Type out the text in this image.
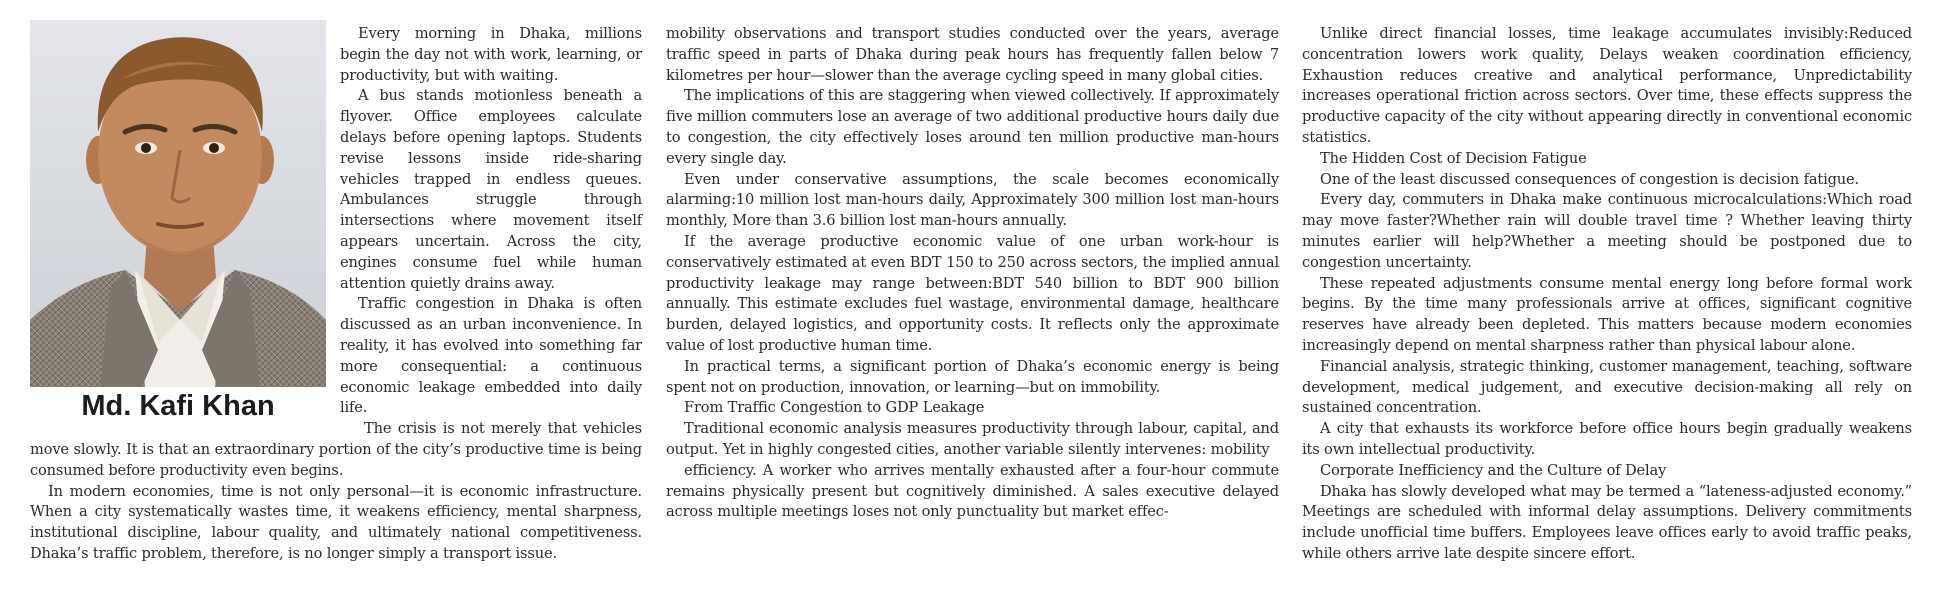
Md. Kafi Khan

Every morning in Dhaka, millions begin the day not with work, learning, or productivity, but with waiting.

A bus stands motionless beneath a flyover. Office employees calculate delays before opening laptops. Students revise lessons inside ride-sharing vehicles trapped in endless queues. Ambulances struggle through intersections where movement itself appears uncertain. Across the city, engines consume fuel while human attention quietly drains away.

Traffic congestion in Dhaka is often discussed as an urban inconvenience. In reality, it has evolved into something far more consequential: a continuous economic leakage embedded into daily life.

The crisis is not merely that vehicles move slowly. It is that an extraordinary portion of the city’s productive time is being consumed before productivity even begins.

In modern economies, time is not only personal—it is economic infrastructure. When a city systematically wastes time, it weakens efficiency, mental sharpness, institutional discipline, labour quality, and ultimately national competitiveness. Dhaka’s traffic problem, therefore, is no longer simply a transport issue.

mobility observations and transport studies conducted over the years, average traffic speed in parts of Dhaka during peak hours has frequently fallen below 7 kilometres per hour—slower than the average cycling speed in many global cities.

The implications of this are staggering when viewed collectively. If approximately five million commuters lose an average of two additional productive hours daily due to congestion, the city effectively loses around ten million productive man-hours every single day.

Even under conservative assumptions, the scale becomes economically alarming:10 million lost man-hours daily, Approximately 300 million lost man-hours monthly, More than 3.6 billion lost man-hours annually.

If the average productive economic value of one urban work-hour is conservatively estimated at even BDT 150 to 250 across sectors, the implied annual productivity leakage may range between:BDT 540 billion to BDT 900 billion annually. This estimate excludes fuel wastage, environmental damage, healthcare burden, delayed logistics, and opportunity costs. It reflects only the approximate value of lost productive human time.

In practical terms, a significant portion of Dhaka’s economic energy is being spent not on production, innovation, or learning—but on immobility.

From Traffic Congestion to GDP Leakage

Traditional economic analysis measures productivity through labour, capital, and output. Yet in highly congested cities, another variable silently intervenes: mobility

efficiency. A worker who arrives mentally exhausted after a four-hour commute remains physically present but cognitively diminished. A sales executive delayed across multiple meetings loses not only punctuality but market effec-

Unlike direct financial losses, time leakage accumulates invisibly:Reduced concentration lowers work quality, Delays weaken coordination efficiency, Exhaustion reduces creative and analytical performance, Unpredictability increases operational friction across sectors. Over time, these effects suppress the productive capacity of the city without appearing directly in conventional economic statistics.

The Hidden Cost of Decision Fatigue

One of the least discussed consequences of congestion is decision fatigue.

Every day, commuters in Dhaka make continuous microcalculations:Which road may move faster?Whether rain will double travel time ? Whether leaving thirty minutes earlier will help?Whether a meeting should be postponed due to congestion uncertainty.

These repeated adjustments consume mental energy long before formal work begins. By the time many professionals arrive at offices, significant cognitive reserves have already been depleted. This matters because modern economies increasingly depend on mental sharpness rather than physical labour alone.

Financial analysis, strategic thinking, customer management, teaching, software development, medical judgement, and executive decision-making all rely on sustained concentration.

A city that exhausts its workforce before office hours begin gradually weakens its own intellectual productivity.

Corporate Inefficiency and the Culture of Delay

Dhaka has slowly developed what may be termed a “lateness-adjusted economy.” Meetings are scheduled with informal delay assumptions. Delivery commitments include unofficial time buffers. Employees leave offices early to avoid traffic peaks, while others arrive late despite sincere effort.
